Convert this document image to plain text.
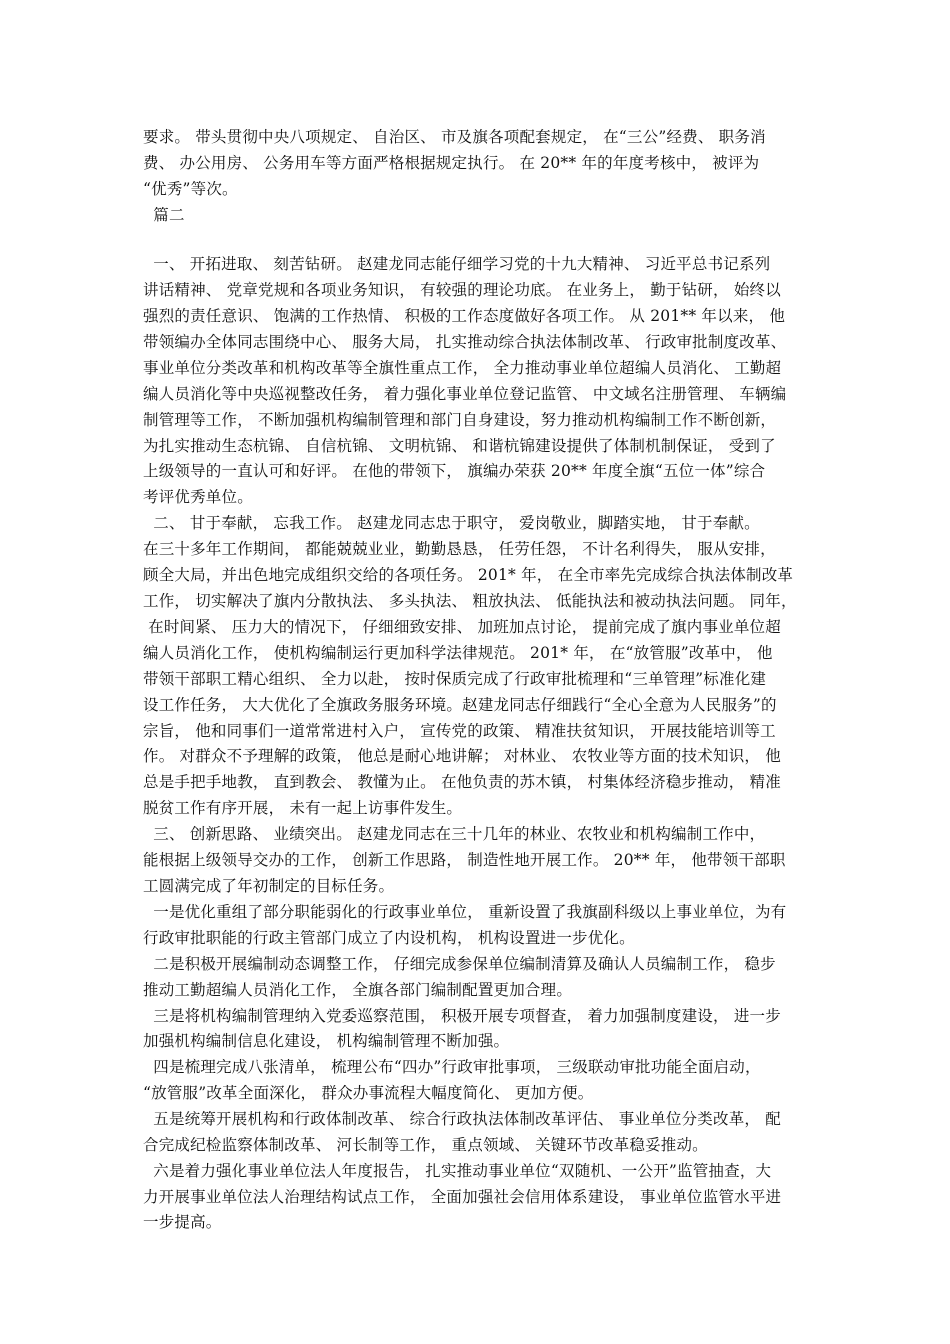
要求。 带头贯彻中央八项规定、 自治区、 市及旗各项配套规定， 在“三公”经费、 职务消
费、 办公用房、 公务用车等方面严格根据规定执行。 在 20** 年的年度考核中， 被评为
“优秀”等次。
篇二
一、 开拓进取、 刻苦钻研。 赵建龙同志能仔细学习党的十九大精神、 习近平总书记系列
讲话精神、 党章党规和各项业务知识， 有较强的理论功底。 在业务上， 勤于钻研， 始终以
强烈的责任意识、 饱满的工作热情、 积极的工作态度做好各项工作。 从 201** 年以来， 他
带领编办全体同志围绕中心、 服务大局， 扎实推动综合执法体制改革、 行政审批制度改革、
事业单位分类改革和机构改革等全旗性重点工作， 全力推动事业单位超编人员消化、 工勤超
编人员消化等中央巡视整改任务， 着力强化事业单位登记监管、 中文域名注册管理、 车辆编
制管理等工作， 不断加强机构编制管理和部门自身建设，努力推动机构编制工作不断创新，
为扎实推动生态杭锦、 自信杭锦、 文明杭锦、 和谐杭锦建设提供了体制机制保证， 受到了
上级领导的一直认可和好评。 在他的带领下， 旗编办荣获 20** 年度全旗“五位一体”综合
考评优秀单位。
二、 甘于奉献， 忘我工作。 赵建龙同志忠于职守， 爱岗敬业，脚踏实地， 甘于奉献。
在三十多年工作期间， 都能兢兢业业，勤勤恳恳， 任劳任怨， 不计名利得失， 服从安排，
顾全大局，并出色地完成组织交给的各项任务。 201* 年， 在全市率先完成综合执法体制改革
工作， 切实解决了旗内分散执法、 多头执法、 粗放执法、 低能执法和被动执法问题。 同年，
在时间紧、 压力大的情况下， 仔细细致安排、 加班加点讨论， 提前完成了旗内事业单位超
编人员消化工作， 使机构编制运行更加科学法律规范。 201* 年， 在“放管服”改革中， 他
带领干部职工精心组织、 全力以赴， 按时保质完成了行政审批梳理和“三单管理”标准化建
设工作任务， 大大优化了全旗政务服务环境。赵建龙同志仔细践行“全心全意为人民服务”的
宗旨， 他和同事们一道常常进村入户， 宣传党的政策、 精准扶贫知识， 开展技能培训等工
作。 对群众不予理解的政策， 他总是耐心地讲解； 对林业、 农牧业等方面的技术知识， 他
总是手把手地教， 直到教会、 教懂为止。 在他负责的苏木镇， 村集体经济稳步推动， 精准
脱贫工作有序开展， 未有一起上访事件发生。
三、 创新思路、 业绩突出。 赵建龙同志在三十几年的林业、农牧业和机构编制工作中，
能根据上级领导交办的工作， 创新工作思路， 制造性地开展工作。 20** 年， 他带领干部职
工圆满完成了年初制定的目标任务。
一是优化重组了部分职能弱化的行政事业单位， 重新设置了我旗副科级以上事业单位，为有
行政审批职能的行政主管部门成立了内设机构， 机构设置进一步优化。
二是积极开展编制动态调整工作， 仔细完成参保单位编制清算及确认人员编制工作， 稳步
推动工勤超编人员消化工作， 全旗各部门编制配置更加合理。
三是将机构编制管理纳入党委巡察范围， 积极开展专项督查， 着力加强制度建设， 进一步
加强机构编制信息化建设， 机构编制管理不断加强。
四是梳理完成八张清单， 梳理公布“四办”行政审批事项， 三级联动审批功能全面启动，
“放管服”改革全面深化， 群众办事流程大幅度简化、 更加方便。
五是统筹开展机构和行政体制改革、 综合行政执法体制改革评估、 事业单位分类改革， 配
合完成纪检监察体制改革、 河长制等工作， 重点领域、 关键环节改革稳妥推动。
六是着力强化事业单位法人年度报告， 扎实推动事业单位“双随机、一公开”监管抽查，大
力开展事业单位法人治理结构试点工作， 全面加强社会信用体系建设， 事业单位监管水平进
一步提高。
